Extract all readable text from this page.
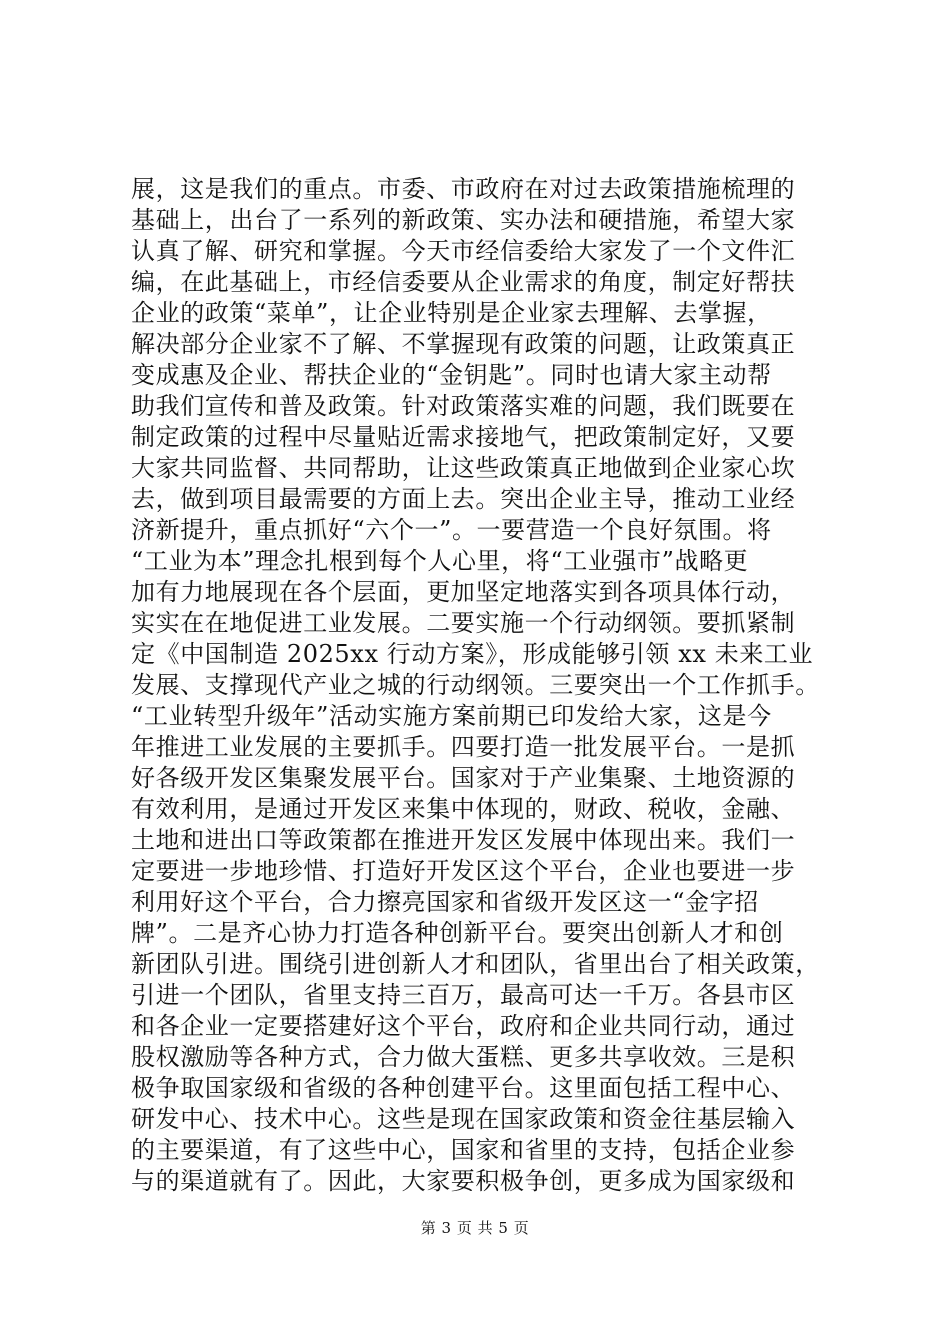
展，这是我们的重点。市委、市政府在对过去政策措施梳理的
基础上，出台了一系列的新政策、实办法和硬措施，希望大家
认真了解、研究和掌握。今天市经信委给大家发了一个文件汇
编，在此基础上，市经信委要从企业需求的角度，制定好帮扶
企业的政策“菜单”，让企业特别是企业家去理解、去掌握，
解决部分企业家不了解、不掌握现有政策的问题，让政策真正
变成惠及企业、帮扶企业的“金钥匙”。同时也请大家主动帮
助我们宣传和普及政策。针对政策落实难的问题，我们既要在
制定政策的过程中尽量贴近需求接地气，把政策制定好，又要
大家共同监督、共同帮助，让这些政策真正地做到企业家心坎
去，做到项目最需要的方面上去。突出企业主导，推动工业经
济新提升，重点抓好“六个一”。一要营造一个良好氛围。将
“工业为本”理念扎根到每个人心里，将“工业强市”战略更
加有力地展现在各个层面，更加坚定地落实到各项具体行动，
实实在在地促进工业发展。二要实施一个行动纲领。要抓紧制
定《中国制造 2025xx 行动方案》，形成能够引领 xx 未来工业
发展、支撑现代产业之城的行动纲领。三要突出一个工作抓手。
“工业转型升级年”活动实施方案前期已印发给大家，这是今
年推进工业发展的主要抓手。四要打造一批发展平台。一是抓
好各级开发区集聚发展平台。国家对于产业集聚、土地资源的
有效利用，是通过开发区来集中体现的，财政、税收，金融、
土地和进出口等政策都在推进开发区发展中体现出来。我们一
定要进一步地珍惜、打造好开发区这个平台，企业也要进一步
利用好这个平台，合力擦亮国家和省级开发区这一“金字招
牌”。二是齐心协力打造各种创新平台。要突出创新人才和创
新团队引进。围绕引进创新人才和团队，省里出台了相关政策，
引进一个团队，省里支持三百万，最高可达一千万。各县市区
和各企业一定要搭建好这个平台，政府和企业共同行动，通过
股权激励等各种方式，合力做大蛋糕、更多共享收效。三是积
极争取国家级和省级的各种创建平台。这里面包括工程中心、
研发中心、技术中心。这些是现在国家政策和资金往基层输入
的主要渠道，有了这些中心，国家和省里的支持，包括企业参
与的渠道就有了。因此，大家要积极争创，更多成为国家级和
第 3 页 共 5 页
